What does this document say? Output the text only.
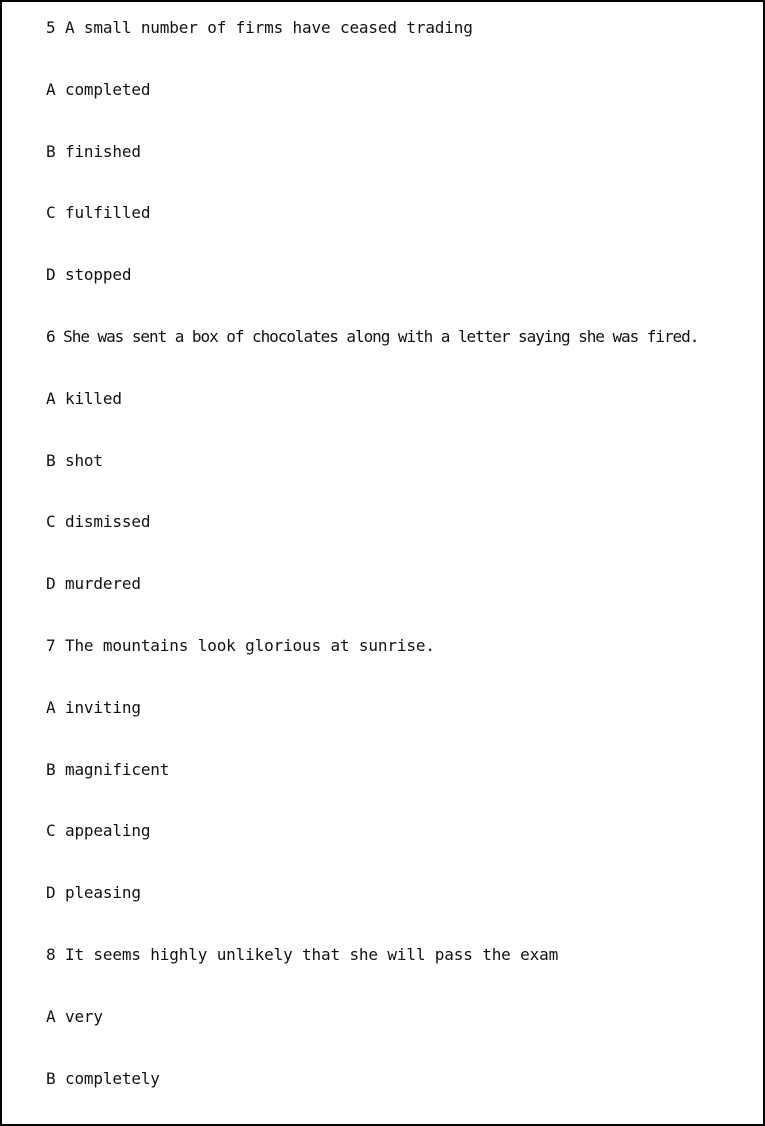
5 A small number of firms have ceased trading
A completed
B finished
C fulfilled
D stopped
6 She was sent a box of chocolates along with a letter saying she was fired.
A killed
B shot
C dismissed
D murdered
7 The mountains look glorious at sunrise.
A inviting
B magnificent
C appealing
D pleasing
8 It seems highly unlikely that she will pass the exam
A very
B completely
